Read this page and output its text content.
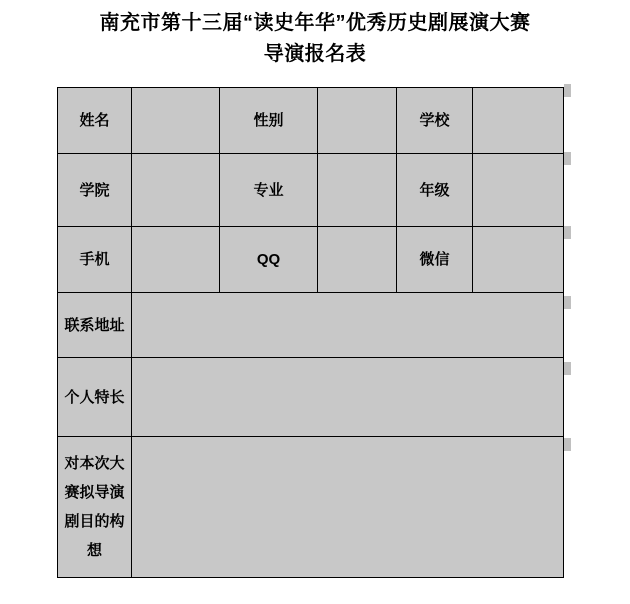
南充市第十三届“读史年华”优秀历史剧展演大赛
导演报名表
姓名		性别		学校	
学院		专业		年级	
手机		QQ		微信	
联系地址					
个人特长					
对本次大赛拟导演剧目的构想					
